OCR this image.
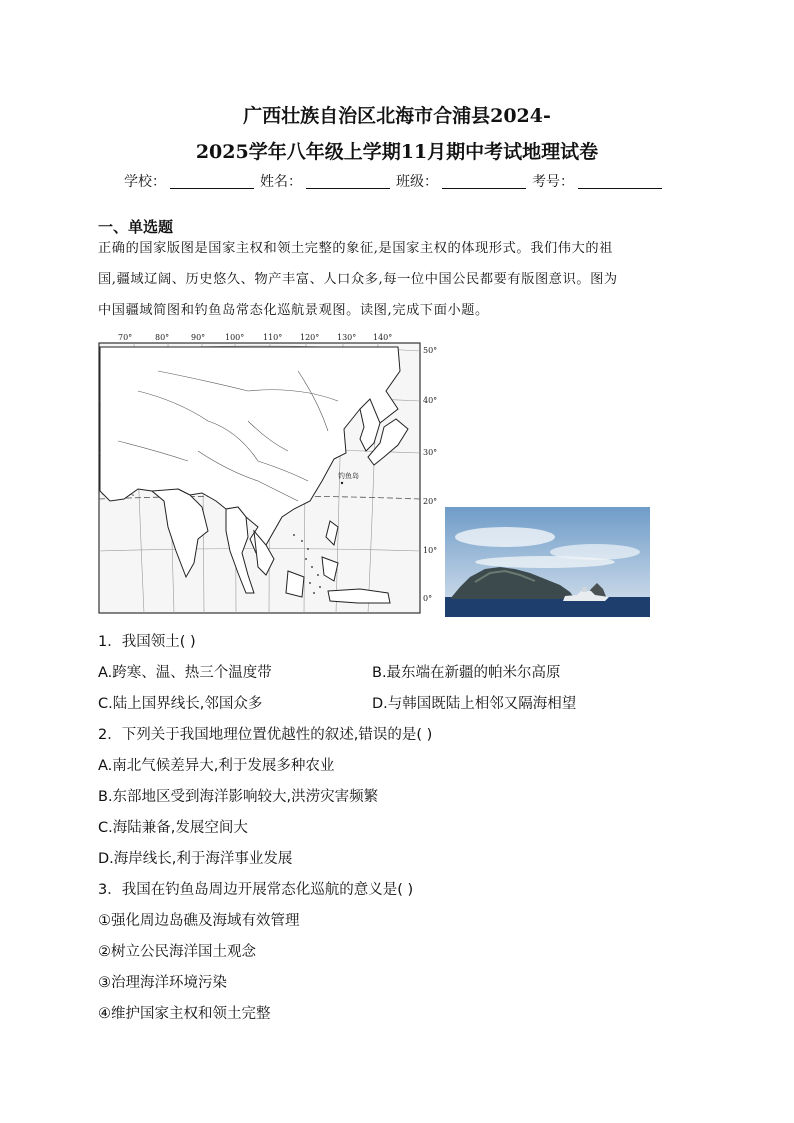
广西壮族自治区北海市合浦县2024-
2025学年八年级上学期11月期中考试地理试卷
学校：	姓名：	班级：	考号：
一、单选题

正确的国家版图是国家主权和领土完整的象征,是国家主权的体现形式。我们伟大的祖

国,疆域辽阔、历史悠久、物产丰富、人口众多,每一位中国公民都要有版图意识。图为

中国疆域简图和钓鱼岛常态化巡航景观图。读图,完成下面小题。

70°	80°	90° 100° 110° 120° 130° 140°
50°
40°
30°
20°
10°
0°
钓鱼岛
1．我国领土( )
A.跨寒、温、热三个温度带	B.最东端在新疆的帕米尔高原
C.陆上国界线长,邻国众多	D.与韩国既陆上相邻又隔海相望
2．下列关于我国地理位置优越性的叙述,错误的是( )
A.南北气候差异大,利于发展多种农业
B.东部地区受到海洋影响较大,洪涝灾害频繁
C.海陆兼备,发展空间大
D.海岸线长,利于海洋事业发展
3．我国在钓鱼岛周边开展常态化巡航的意义是( )
①强化周边岛礁及海域有效管理
②树立公民海洋国土观念
③治理海洋环境污染
④维护国家主权和领土完整
